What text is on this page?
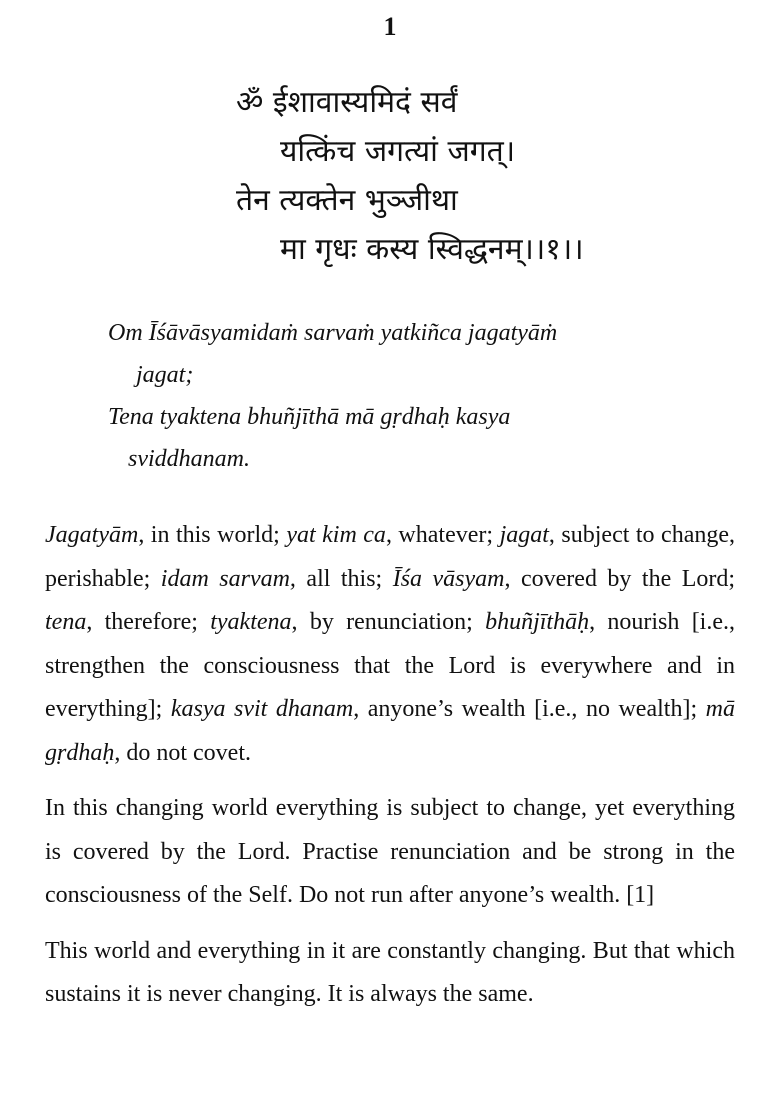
1
ॐ ईशावास्यमिदं सर्वं
यत्किंच जगत्यां जगत्।
तेन त्यक्तेन भुञ्जीथा
मा गृधः कस्य स्विद्धनम्।।१।।
Om Īśāvāsyamidaṁ sarvaṁ yatkiñca jagatyāṁ
jagat;
Tena tyaktena bhuñjīthā mā gṛdhaḥ kasya
sviddhanam.

Jagatyām, in this world; yat kim ca, whatever; jagat, subject to change, perishable; idam sarvam, all this; Īśa vāsyam, covered by the Lord; tena, therefore; tyaktena, by renunciation; bhuñjīthāḥ, nourish [i.e., strengthen the consciousness that the Lord is everywhere and in everything]; kasya svit dhanam, anyone’s wealth [i.e., no wealth]; mā gṛdhaḥ, do not covet.

In this changing world everything is subject to change, yet everything is covered by the Lord. Practise renunciation and be strong in the consciousness of the Self. Do not run after anyone’s wealth. [1]

This world and everything in it are constantly changing. But that which sustains it is never changing. It is always the same.
